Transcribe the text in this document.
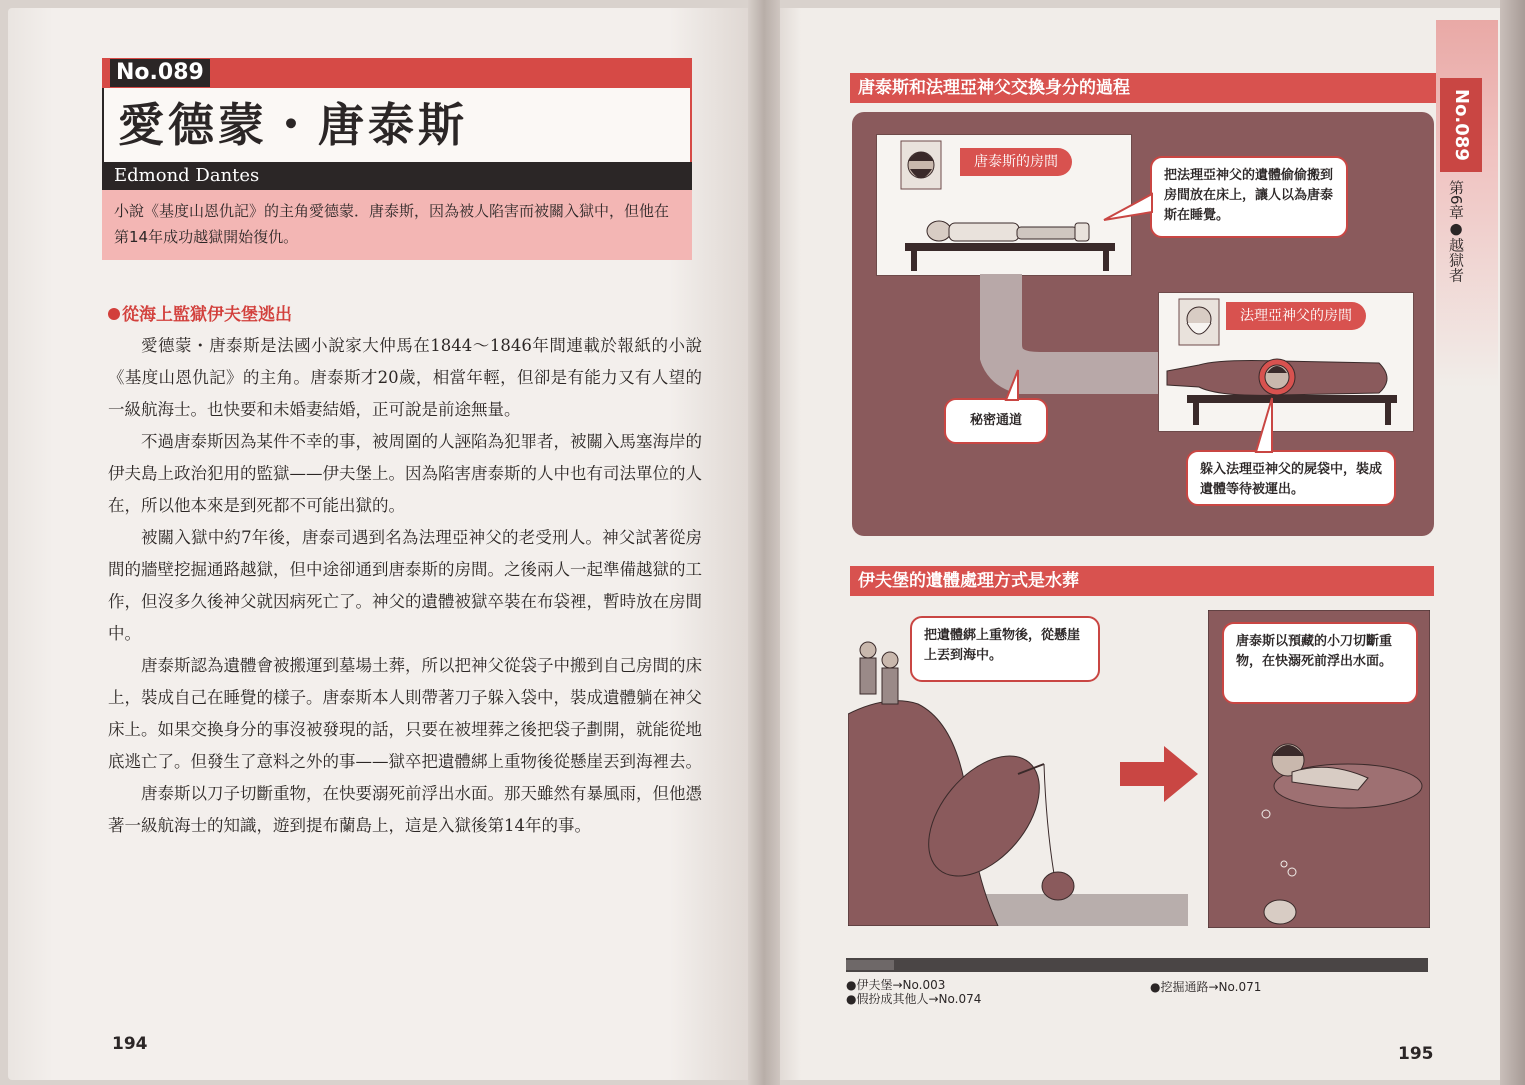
No.089
愛德蒙・唐泰斯
Edmond Dantes
小說《基度山恩仇記》的主角愛德蒙．唐泰斯，因為被人陷害而被關入獄中，但他在第14年成功越獄開始復仇。
從海上監獄伊夫堡逃出

愛德蒙・唐泰斯是法國小說家大仲馬在1844～1846年間連載於報紙的小說《基度山恩仇記》的主角。唐泰斯才20歲，相當年輕，但卻是有能力又有人望的一級航海士。也快要和未婚妻結婚，正可說是前途無量。

不過唐泰斯因為某件不幸的事，被周圍的人誣陷為犯罪者，被關入馬塞海岸的伊夫島上政治犯用的監獄——伊夫堡上。因為陷害唐泰斯的人中也有司法單位的人在，所以他本來是到死都不可能出獄的。

被關入獄中約7年後，唐泰司遇到名為法理亞神父的老受刑人。神父試著從房間的牆壁挖掘通路越獄，但中途卻通到唐泰斯的房間。之後兩人一起準備越獄的工作，但沒多久後神父就因病死亡了。神父的遺體被獄卒裝在布袋裡，暫時放在房間中。

唐泰斯認為遺體會被搬運到墓場土葬，所以把神父從袋子中搬到自己房間的床上，裝成自己在睡覺的樣子。唐泰斯本人則帶著刀子躲入袋中，裝成遺體躺在神父床上。如果交換身分的事沒被發現的話，只要在被埋葬之後把袋子劃開，就能從地底逃亡了。但發生了意料之外的事——獄卒把遺體綁上重物後從懸崖丟到海裡去。

唐泰斯以刀子切斷重物，在快要溺死前浮出水面。那天雖然有暴風雨，但他憑著一級航海士的知識，遊到提布蘭島上，這是入獄後第14年的事。

194
No.089
第6章●越獄者
唐泰斯和法理亞神父交換身分的過程
唐泰斯的房間
把法理亞神父的遺體偷偷搬到房間放在床上，讓人以為唐泰斯在睡覺。
秘密通道
法理亞神父的房間
躲入法理亞神父的屍袋中，裝成遺體等待被運出。
伊夫堡的遺體處理方式是水葬
把遺體綁上重物後，從懸崖上丟到海中。
唐泰斯以預藏的小刀切斷重物，在快溺死前浮出水面。
●伊夫堡→No.003
●假扮成其他人→No.074
●挖掘通路→No.071
195
